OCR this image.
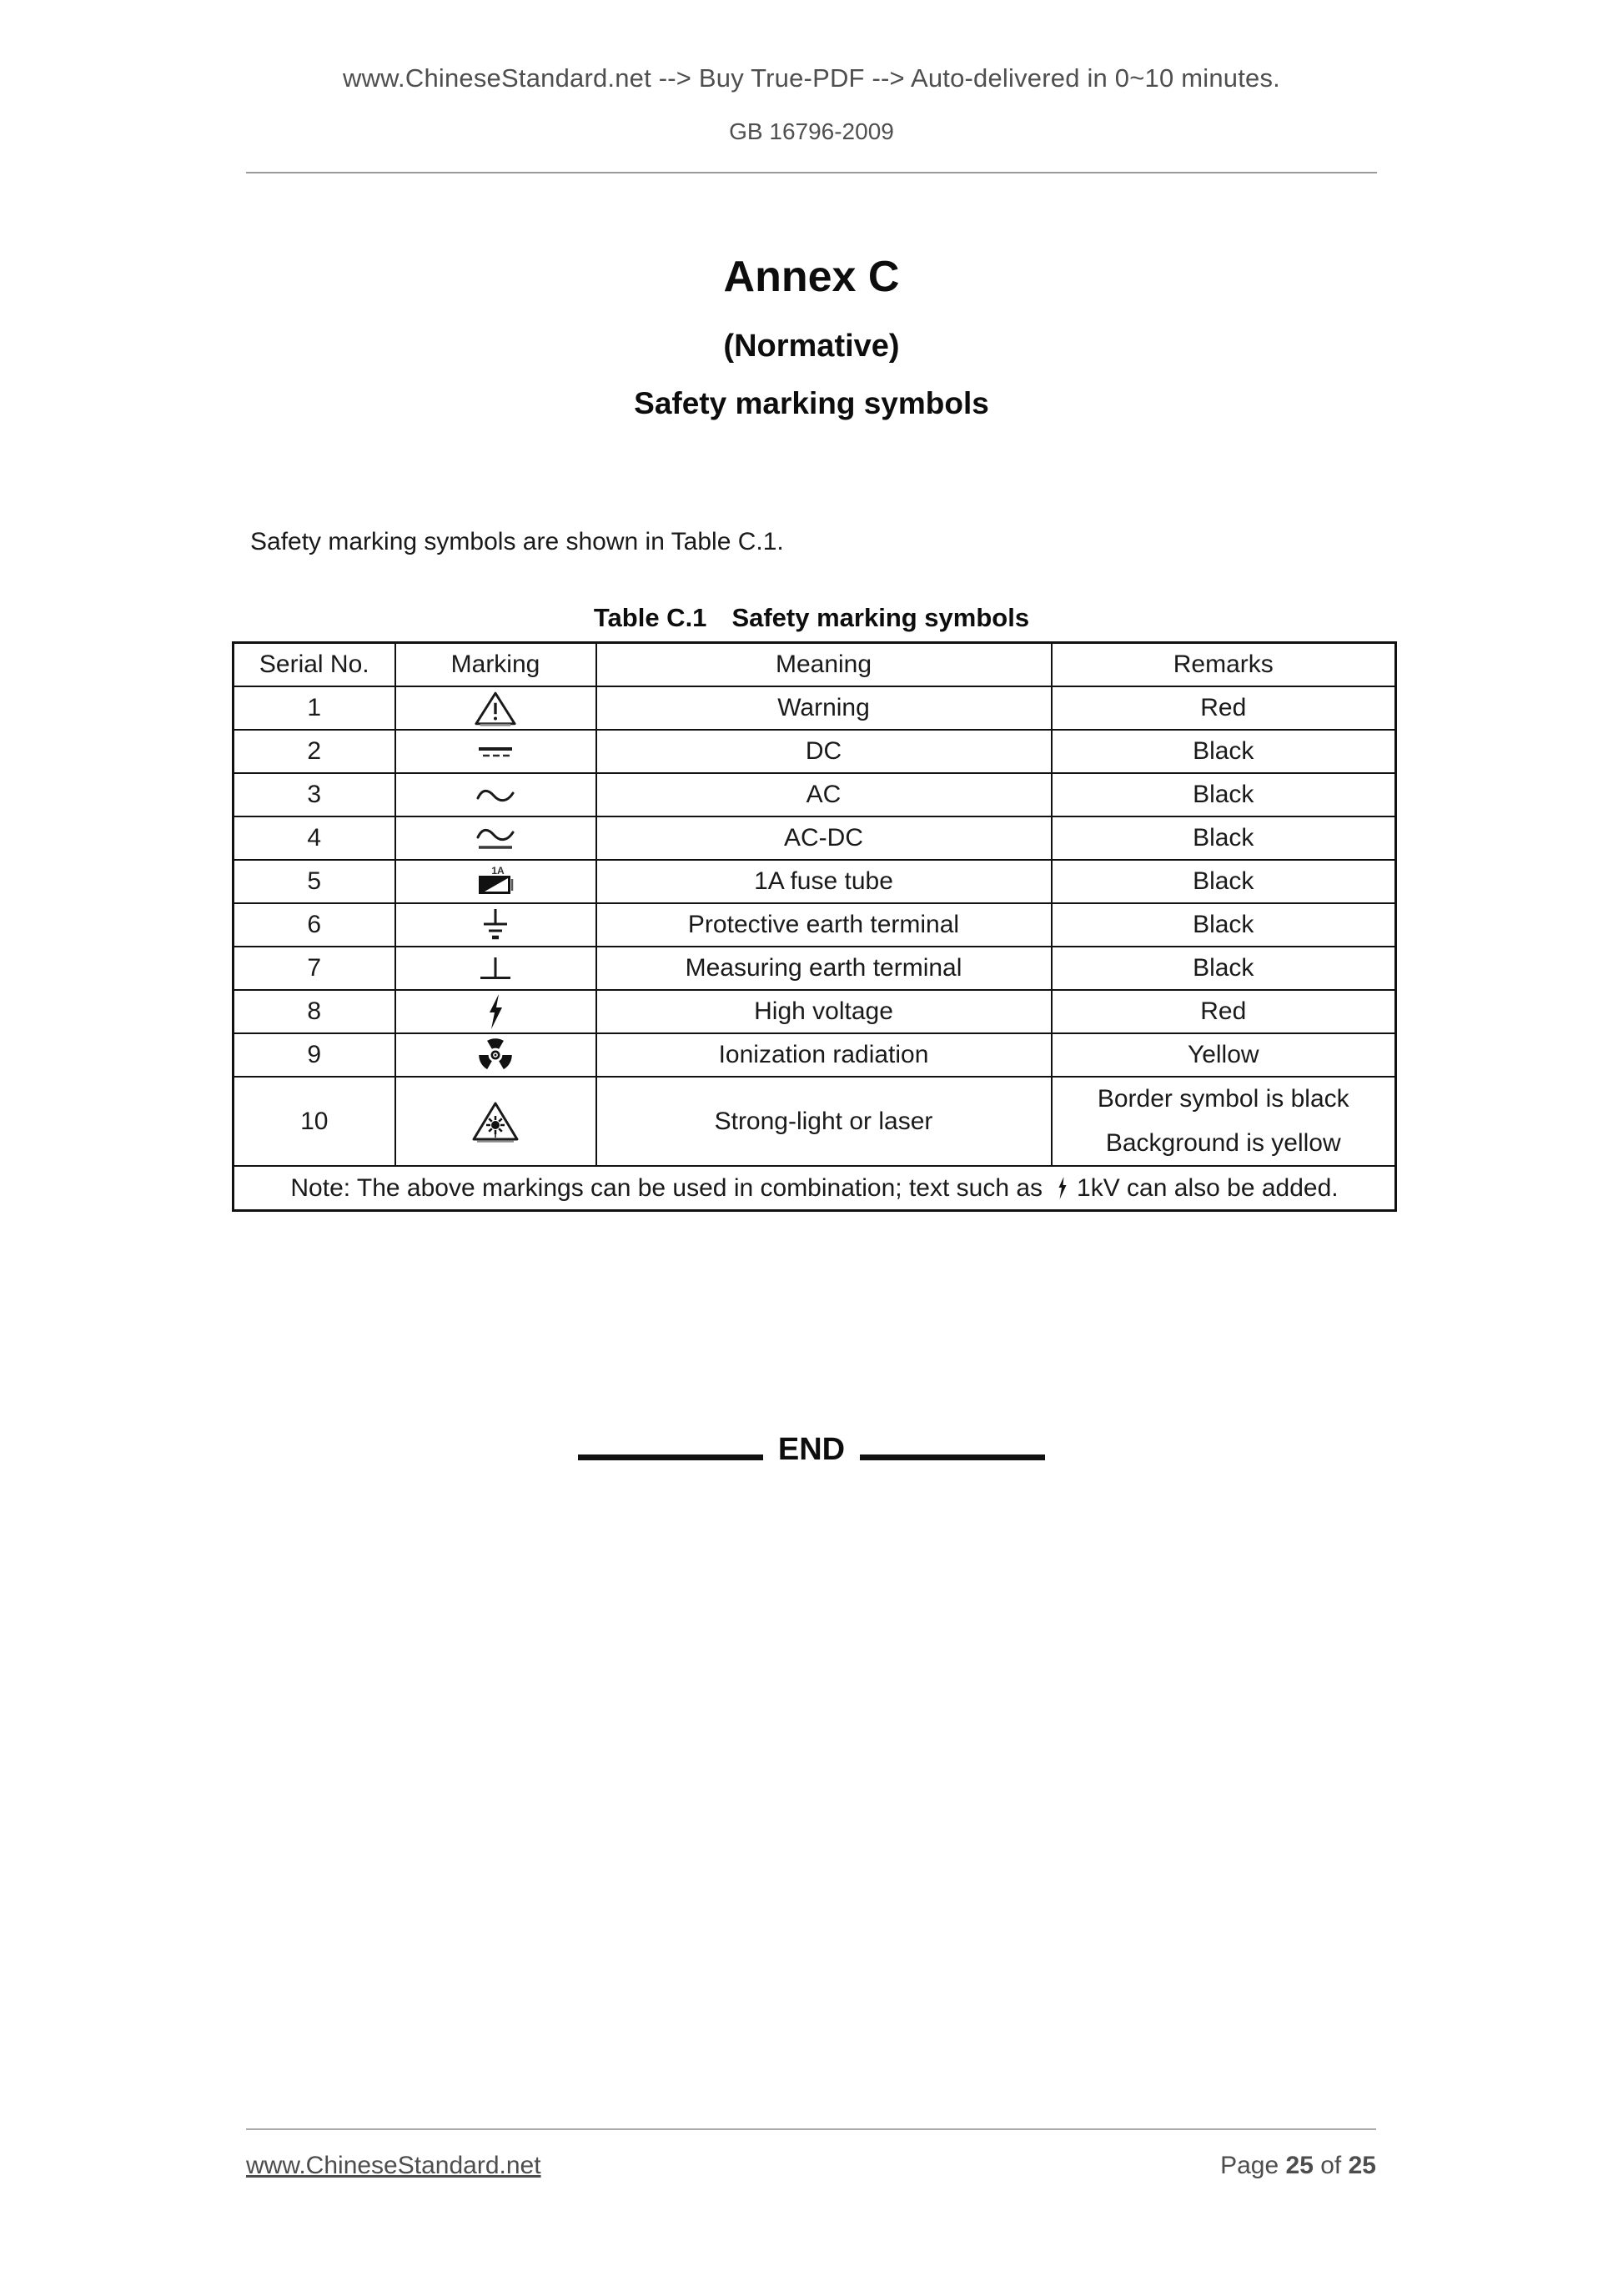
www.ChineseStandard.net --> Buy True-PDF --> Auto-delivered in 0~10 minutes.
GB 16796-2009
Annex C
(Normative)
Safety marking symbols
Safety marking symbols are shown in Table C.1.
Table C.1 Safety marking symbols
Serial No.	Marking	Meaning	Remarks
1		Warning	Red
2		DC	Black
3		AC	Black
4		AC-DC	Black
5	1A	1A fuse tube	Black
6		Protective earth terminal	Black
7		Measuring earth terminal	Black
8		High voltage	Red
9		Ionization radiation	Yellow
10		Strong-light or laser	Border symbol is black
Background is yellow

Note: The above markings can be used in combination; text such as 1kV can also be added.			
END
www.ChineseStandard.net	Page 25 of 25
